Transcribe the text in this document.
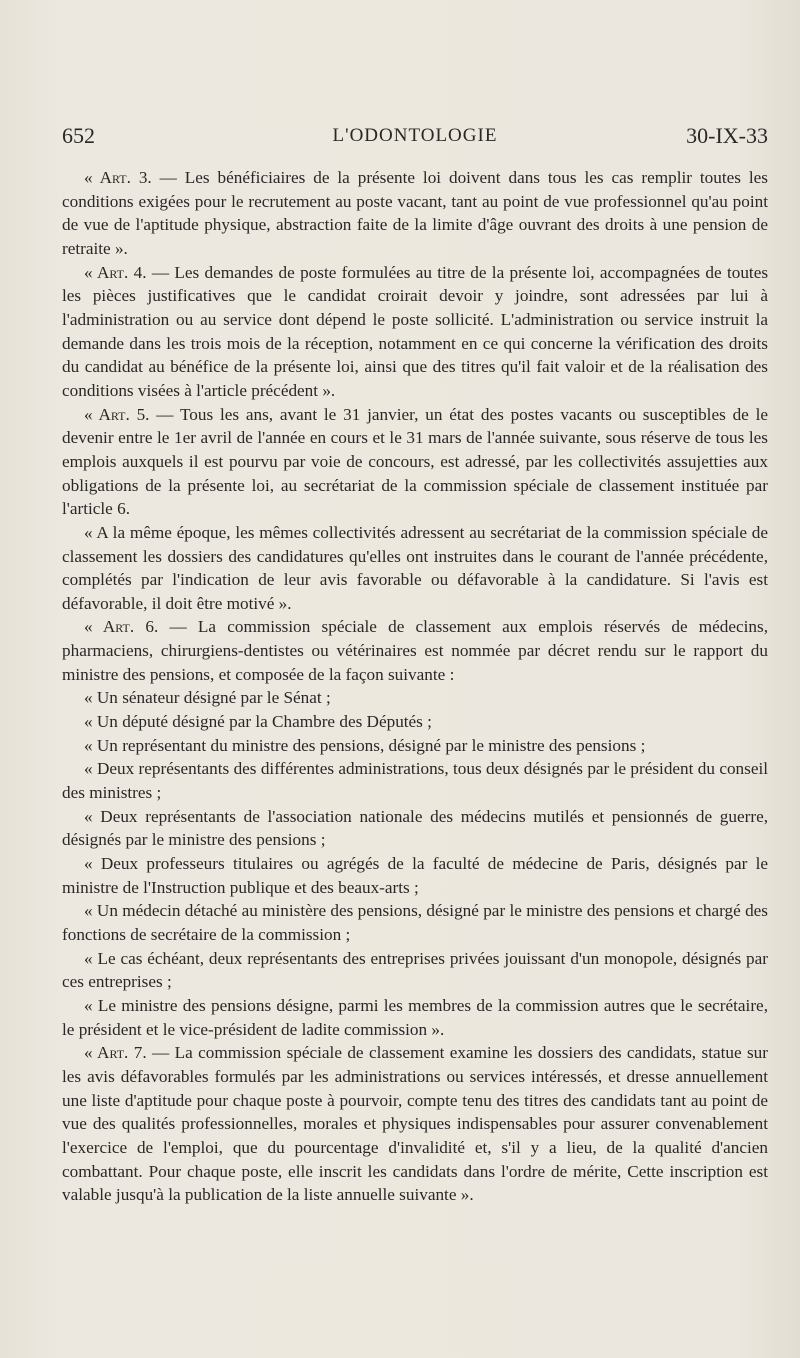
652	L'ODONTOLOGIE	30-IX-33

« Art. 3. — Les bénéficiaires de la présente loi doivent dans tous les cas remplir toutes les conditions exigées pour le recrutement au poste vacant, tant au point de vue professionnel qu'au point de vue de l'aptitude physique, abstraction faite de la limite d'âge ouvrant des droits à une pension de retraite ».

« Art. 4. — Les demandes de poste formulées au titre de la présente loi, accompagnées de toutes les pièces justificatives que le candidat croirait devoir y joindre, sont adressées par lui à l'administration ou au service dont dépend le poste sollicité. L'administration ou service instruit la demande dans les trois mois de la réception, notamment en ce qui concerne la vérification des droits du candidat au bénéfice de la présente loi, ainsi que des titres qu'il fait valoir et de la réalisation des conditions visées à l'article précédent ».

« Art. 5. — Tous les ans, avant le 31 janvier, un état des postes vacants ou susceptibles de le devenir entre le 1er avril de l'année en cours et le 31 mars de l'année suivante, sous réserve de tous les emplois auxquels il est pourvu par voie de concours, est adressé, par les collectivités assujetties aux obligations de la présente loi, au secrétariat de la commission spéciale de classement instituée par l'article 6.

« A la même époque, les mêmes collectivités adressent au secrétariat de la commission spéciale de classement les dossiers des candidatures qu'elles ont instruites dans le courant de l'année précédente, complétés par l'indication de leur avis favorable ou défavorable à la candidature. Si l'avis est défavorable, il doit être motivé ».

« Art. 6. — La commission spéciale de classement aux emplois réservés de médecins, pharmaciens, chirurgiens-dentistes ou vétérinaires est nommée par décret rendu sur le rapport du ministre des pensions, et composée de la façon suivante :

« Un sénateur désigné par le Sénat ;

« Un député désigné par la Chambre des Députés ;

« Un représentant du ministre des pensions, désigné par le ministre des pensions ;

« Deux représentants des différentes administrations, tous deux désignés par le président du conseil des ministres ;

« Deux représentants de l'association nationale des médecins mutilés et pensionnés de guerre, désignés par le ministre des pensions ;

« Deux professeurs titulaires ou agrégés de la faculté de médecine de Paris, désignés par le ministre de l'Instruction publique et des beaux-arts ;

« Un médecin détaché au ministère des pensions, désigné par le ministre des pensions et chargé des fonctions de secrétaire de la commission ;

« Le cas échéant, deux représentants des entreprises privées jouissant d'un monopole, désignés par ces entreprises ;

« Le ministre des pensions désigne, parmi les membres de la commission autres que le secrétaire, le président et le vice-président de ladite commission ».

« Art. 7. — La commission spéciale de classement examine les dossiers des candidats, statue sur les avis défavorables formulés par les administrations ou services intéressés, et dresse annuellement une liste d'aptitude pour chaque poste à pourvoir, compte tenu des titres des candidats tant au point de vue des qualités professionnelles, morales et physiques indispensables pour assurer convenablement l'exercice de l'emploi, que du pourcentage d'invalidité et, s'il y a lieu, de la qualité d'ancien combattant. Pour chaque poste, elle inscrit les candidats dans l'ordre de mérite, Cette inscription est valable jusqu'à la publication de la liste annuelle suivante ».
